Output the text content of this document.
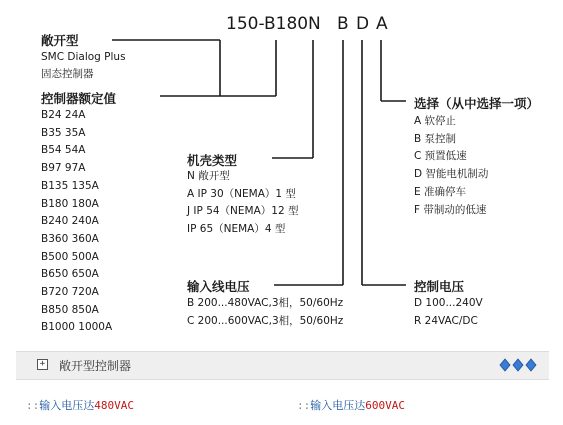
150-B180 N B D A
敞开型
SMC Dialog Plus
固态控制器
控制器额定值
B24 24A
B35 35A
B54 54A
B97 97A
B135 135A
B180 180A
B240 240A
B360 360A
B500 500A
B650 650A
B720 720A
B850 850A
B1000 1000A
机壳类型
N 敞开型
A IP 30（NEMA）1 型
J IP 54（NEMA）12 型
IP 65（NEMA）4 型
输入线电压
B 200...480VAC,3相，50/60Hz
C 200...600VAC,3相，50/60Hz
选择（从中选择一项）
A 软停止
B 泵控制
C 预置低速
D 智能电机制动
E 准确停车
F 带制动的低速
控制电压
D 100...240V
R 24VAC/DC
+ 敞开型控制器
::输入电压达480VAC	::输入电压达600VAC
